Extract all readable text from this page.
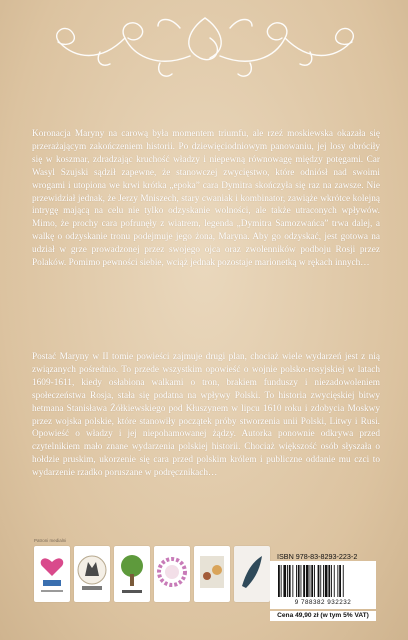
Koronacja Maryny na carową była momentem triumfu, ale rzeź moskiewska okazała się przerażającym zakończeniem historii. Po dziewięciodniowym panowaniu, jej losy obróciły się w koszmar, zdradzając kruchość władzy i niepewną równowagę między potęgami. Car Wasyl Szujski sądził zapewne, że stanowczej zwycięstwo, które odniósł nad swoimi wrogami i utopiona we krwi krótka „epoka” cara Dymitra skończyła się raz na zawsze. Nie przewidział jednak, że Jerzy Mniszech, stary cwaniak i kombinator, zawiąże wkrótce kolejną intrygę mającą na celu nie tylko odzyskanie wolności, ale także utraconych wpływów. Mimo, że prochy cara pofrunęły z wiatrem, legenda „Dymitra Samozwańca” trwa dalej, a walkę o odzyskanie tronu podejmuje jego żona, Maryna. Aby go odzyskać, jest gotowa na udział w grze prowadzonej przez swojego ojca oraz zwolenników podboju Rosji przez Polaków. Pomimo pewności siebie, wciąż jednak pozostaje marionetką w rękach innych…

Postać Maryny w II tomie powieści zajmuje drugi plan, chociaż wiele wydarzeń jest z nią związanych pośrednio. To przede wszystkim opowieść o wojnie polsko-rosyjskiej w latach 1609-1611, kiedy osłabiona walkami o tron, brakiem funduszy i niezadowoleniem społeczeństwa Rosja, stała się podatna na wpływy Polski. To historia zwycięskiej bitwy hetmana Stanisława Żółkiewskiego pod Kłuszynem w lipcu 1610 roku i zdobycia Moskwy przez wojska polskie, które stanowiły początek próby stworzenia unii Polski, Litwy i Rusi. Opowieść o władzy i jej niepohamowanej żądzy. Autorka ponownie odkrywa przed czytelnikiem mało znane wydarzenia polskiej historii. Chociaż większość osób słyszała o hołdzie pruskim, ukorzenie się cara przed polskim królem i publiczne oddanie mu czci to wydarzenie rzadko poruszane w podręcznikach…

Patroni medialni
ISBN 978-83-8293-223-2
9 788382 932232
Cena 49,90 zł (w tym 5% VAT)
